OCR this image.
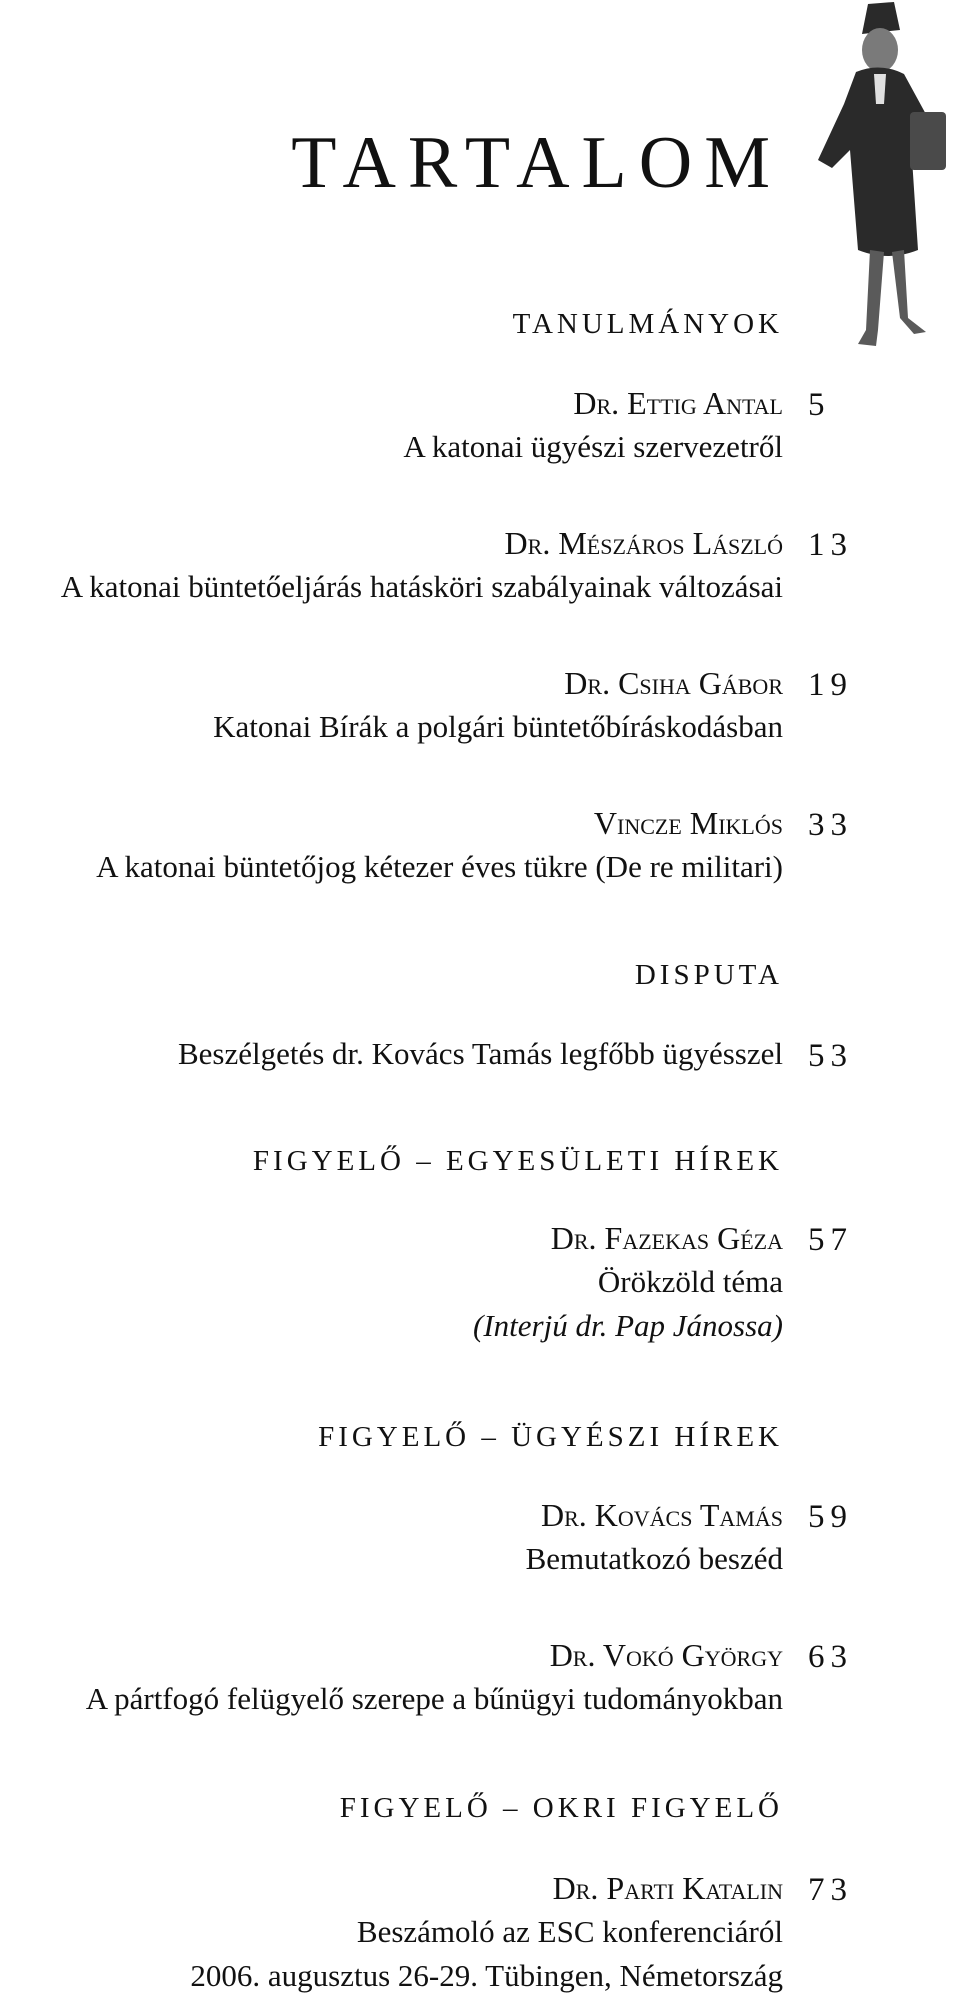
TARTALOM
TANULMÁNYOK
Dr. Ettig Antal
A katonai ügyészi szervezetről
5
Dr. Mészáros László
A katonai büntetőeljárás hatásköri szabályainak változásai
13
Dr. Csiha Gábor
Katonai Bírák a polgári büntetőbíráskodásban
19
Vincze Miklós
A katonai büntetőjog kétezer éves tükre (De re militari)
33
DISPUTA
Beszélgetés dr. Kovács Tamás legfőbb ügyésszel 53
FIGYELŐ – EGYESÜLETI HÍREK
Dr. Fazekas Géza
Örökzöld téma
(Interjú dr. Pap Jánossa)
57
FIGYELŐ – ÜGYÉSZI HÍREK
Dr. Kovács Tamás
Bemutatkozó beszéd
59
Dr. Vokó György
A pártfogó felügyelő szerepe a bűnügyi tudományokban
63
FIGYELŐ – OKRI FIGYELŐ
Dr. Parti Katalin
Beszámoló az ESC konferenciáról
2006. augusztus 26-29. Tübingen, Németország
73
